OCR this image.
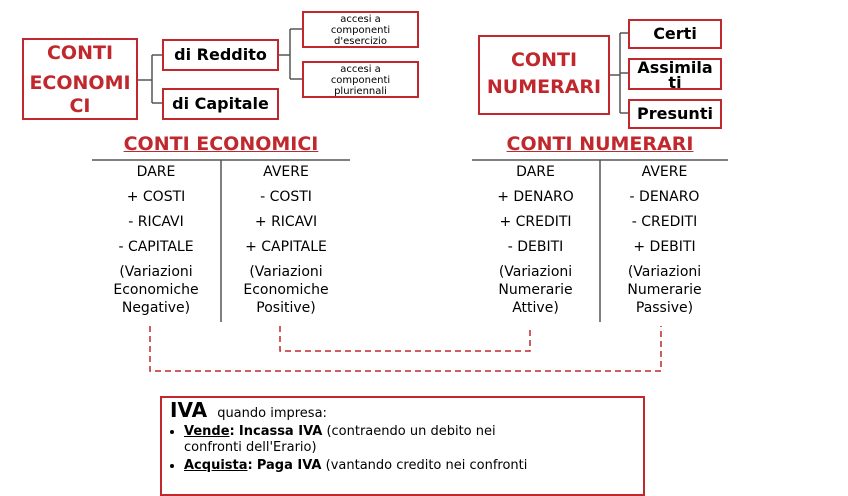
CONTI
ECONOMI
CI
di Reddito
di Capitale
accesi a
componenti
d'esercizio
accesi a
componenti
pluriennali
CONTI
NUMERARI
Certi
Assimila
ti
Presunti
CONTI ECONOMICI
DARE
+ COSTI
- RICAVI
- CAPITALE
(Variazioni
Economiche
Negative)
AVERE
- COSTI
+ RICAVI
+ CAPITALE
(Variazioni
Economiche
Positive)
CONTI NUMERARI
DARE
+ DENARO
+ CREDITI
- DEBITI
(Variazioni
Numerarie
Attive)
AVERE
- DENARO
- CREDITI
+ DEBITI
(Variazioni
Numerarie
Passive)
IVA quando impresa:
• Vende: Incassa IVA (contraendo un debito nei
confronti dell'Erario)
• Acquista: Paga IVA (vantando credito nei confronti
